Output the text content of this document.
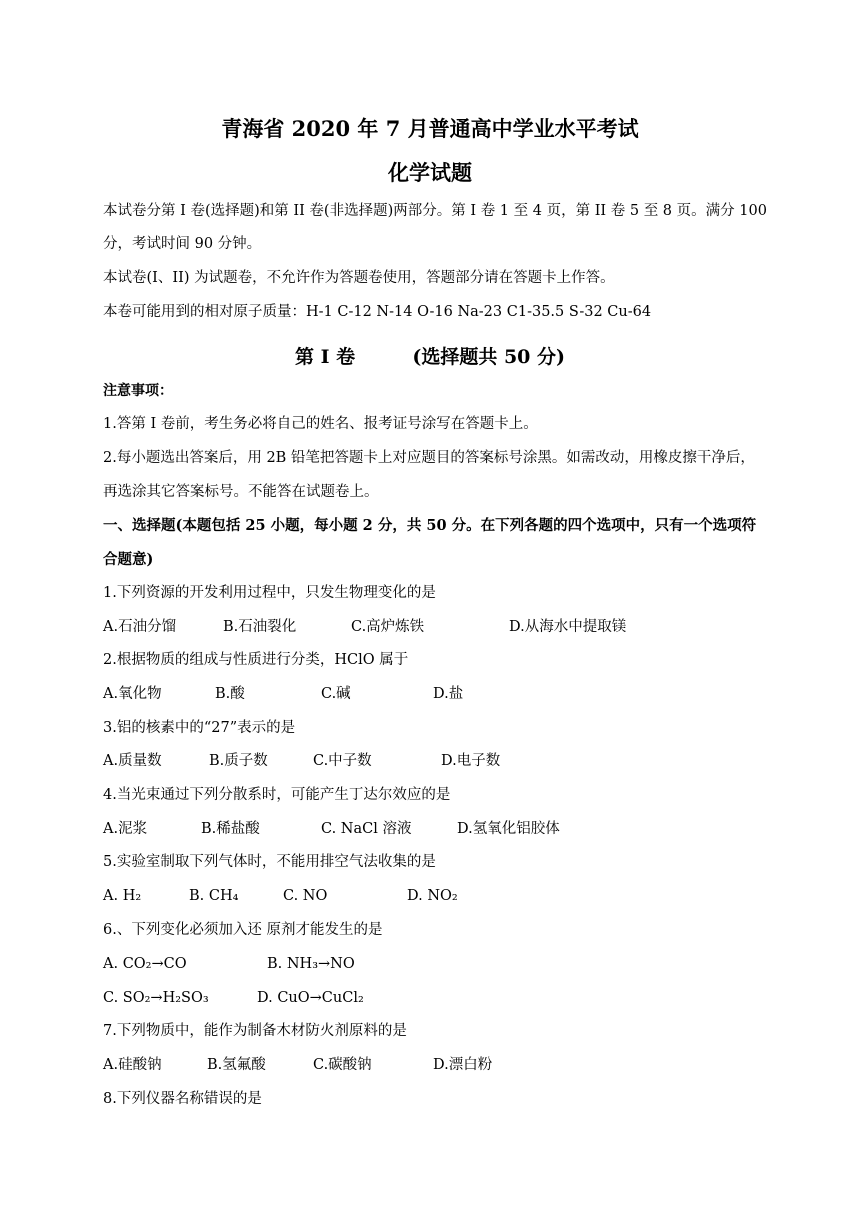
青海省 2020 年 7 月普通高中学业水平考试
化学试题
本试卷分第 I 卷(选择题)和第 II 卷(非选择题)两部分。第 I 卷 1 至 4 页，第 II 卷 5 至 8 页。满分 100
分，考试时间 90 分钟。
本试卷(I、II) 为试题卷，不允许作为答题卷使用，答题部分请在答题卡上作答。
本卷可能用到的相对原子质量：H-1 C-12 N-14 O-16 Na-23 C1-35.5 S-32 Cu-64
第 I 卷	(选择题共 50 分)
注意事项：
1.答第 I 卷前，考生务必将自己的姓名、报考证号涂写在答题卡上。
2.每小题选出答案后，用 2B 铅笔把答题卡上对应题目的答案标号涂黑。如需改动，用橡皮擦干净后，
再选涂其它答案标号。不能答在试题卷上。
一、选择题(本题包括 25 小题，每小题 2 分，共 50 分。在下列各题的四个选项中，只有一个选项符
合题意)
1.下列资源的开发利用过程中，只发生物理变化的是
A.石油分馏	B.石油裂化	C.高炉炼铁	D.从海水中提取镁
2.根据物质的组成与性质进行分类，HClO 属于
A.氧化物	B.酸	C.碱	D.盐
3.铝的核素中的“27”表示的是
A.质量数	B.质子数	C.中子数	D.电子数
4.当光束通过下列分散系时，可能产生丁达尔效应的是
A.泥浆	B.稀盐酸	C. NaCl 溶液	D.氢氧化铝胶体
5.实验室制取下列气体时，不能用排空气法收集的是
A. H₂	B. CH₄	C. NO	D. NO₂
6.、下列变化必须加入还 原剂才能发生的是
A. CO₂→CO	B. NH₃→NO
C. SO₂→H₂SO₃	D. CuO→CuCl₂
7.下列物质中，能作为制备木材防火剂原料的是
A.硅酸钠	B.氢氟酸	C.碳酸钠	D.漂白粉
8.下列仪器名称错误的是
